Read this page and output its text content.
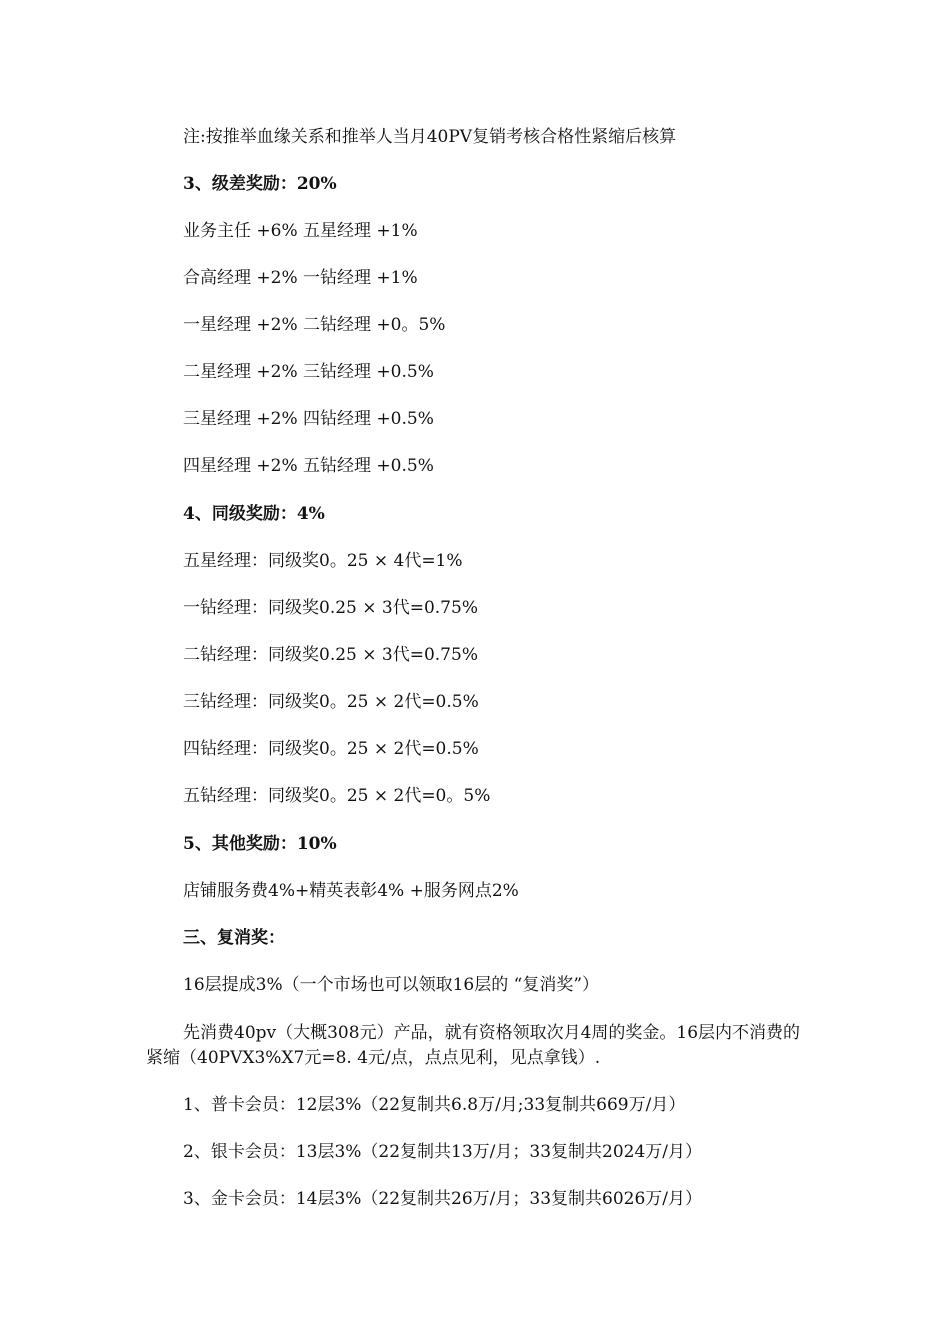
注:按推举血缘关系和推举人当月40PV复销考核合格性紧缩后核算
3、级差奖励：20%
业务主任 +6% 五星经理 +1%
合高经理 +2% 一钻经理 +1%
一星经理 +2% 二钻经理 +0。5%
二星经理 +2% 三钻经理 +0.5%
三星经理 +2% 四钻经理 +0.5%
四星经理 +2% 五钻经理 +0.5%
4、同级奖励：4%
五星经理：同级奖0。25 × 4代=1%
一钻经理：同级奖0.25 × 3代=0.75%
二钻经理：同级奖0.25 × 3代=0.75%
三钻经理：同级奖0。25 × 2代=0.5%
四钻经理：同级奖0。25 × 2代=0.5%
五钻经理：同级奖0。25 × 2代=0。5%
5、其他奖励：10%
店铺服务费4%+精英表彰4% +服务网点2%
三、复消奖：
16层提成3%（一个市场也可以领取16层的 “复消奖”）
先消费40pv（大概308元）产品，就有资格领取次月4周的奖金。16层内不消费的紧缩（40PVX3%X7元=8. 4元/点，点点见利，见点拿钱）.
1、普卡会员：12层3%（22复制共6.8万/月;33复制共669万/月）
2、银卡会员：13层3%（22复制共13万/月；33复制共2024万/月）
3、金卡会员：14层3%（22复制共26万/月；33复制共6026万/月）
